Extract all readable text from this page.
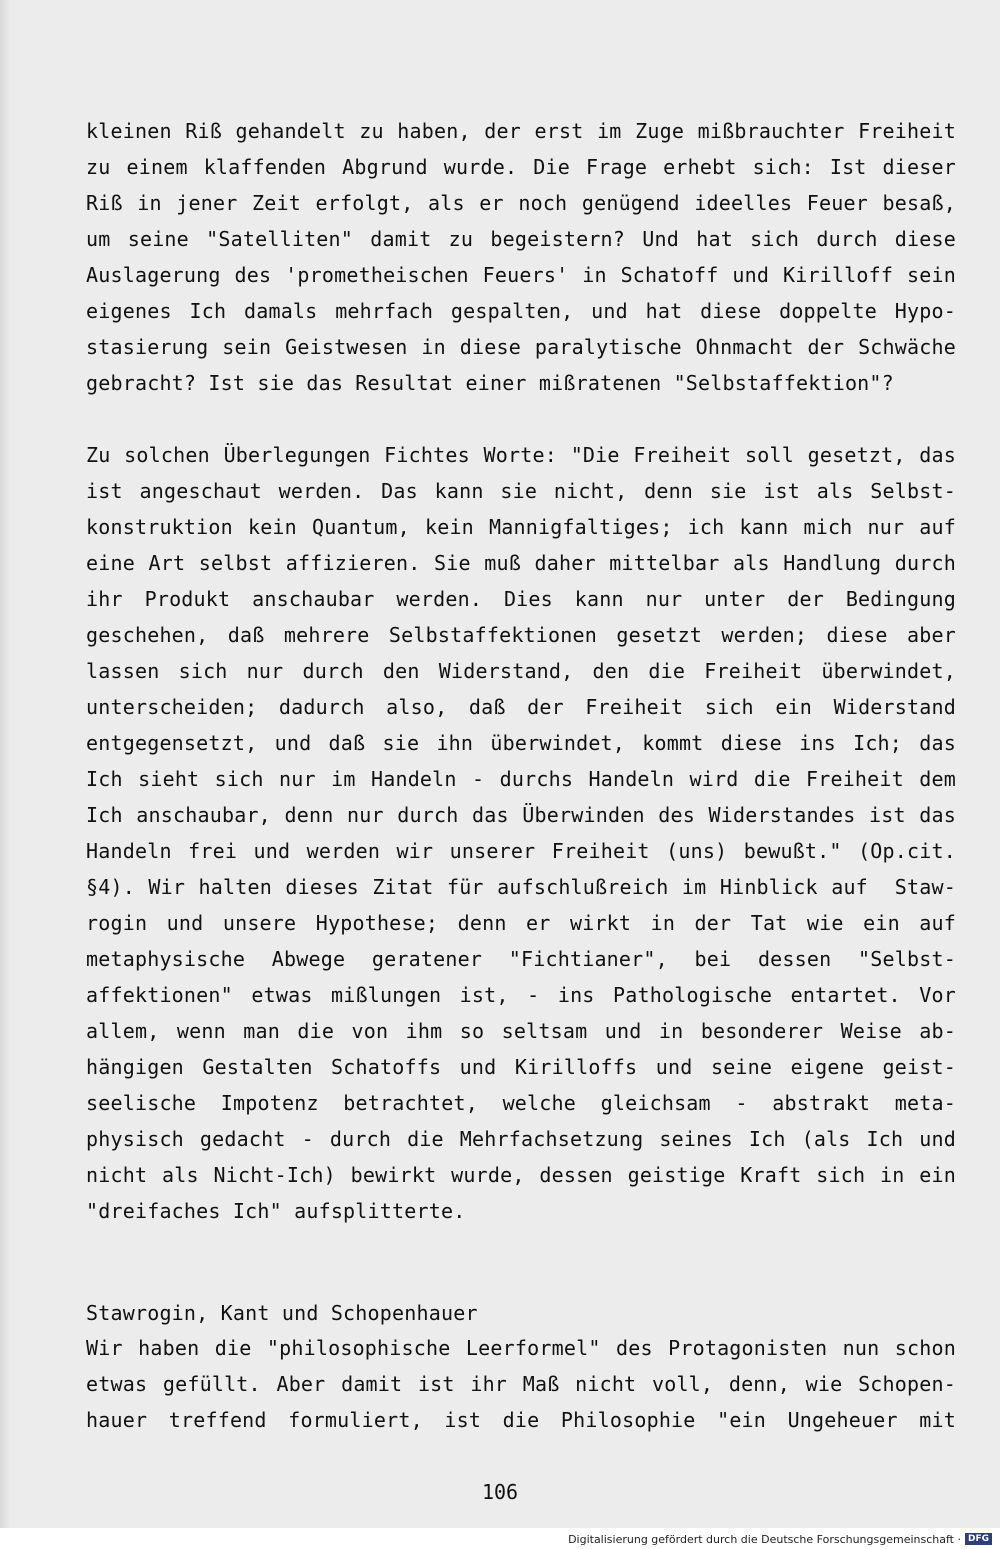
kleinen Riß gehandelt zu haben, der erst im Zuge mißbrauchter Freiheit
zu einem klaffenden Abgrund wurde. Die Frage erhebt sich: Ist dieser
Riß in jener Zeit erfolgt, als er noch genügend ideelles Feuer besaß,
um seine "Satelliten" damit zu begeistern? Und hat sich durch diese
Auslagerung des 'prometheischen Feuers' in Schatoff und Kirilloff sein
eigenes Ich damals mehrfach gespalten, und hat diese doppelte Hypo-
stasierung sein Geistwesen in diese paralytische Ohnmacht der Schwäche
gebracht? Ist sie das Resultat einer mißratenen "Selbstaffektion"?
Zu solchen Überlegungen Fichtes Worte: "Die Freiheit soll gesetzt, das
ist angeschaut werden. Das kann sie nicht, denn sie ist als Selbst-
konstruktion kein Quantum, kein Mannigfaltiges; ich kann mich nur auf
eine Art selbst affizieren. Sie muß daher mittelbar als Handlung durch
ihr Produkt anschaubar werden. Dies kann nur unter der Bedingung
geschehen, daß mehrere Selbstaffektionen gesetzt werden; diese aber
lassen sich nur durch den Widerstand, den die Freiheit überwindet,
unterscheiden; dadurch also, daß der Freiheit sich ein Widerstand
entgegensetzt, und daß sie ihn überwindet, kommt diese ins Ich; das
Ich sieht sich nur im Handeln - durchs Handeln wird die Freiheit dem
Ich anschaubar, denn nur durch das Überwinden des Widerstandes ist das
Handeln frei und werden wir unserer Freiheit (uns) bewußt." (Op.cit.
§4). Wir halten dieses Zitat für aufschlußreich im Hinblick auf  Staw-
rogin und unsere Hypothese; denn er wirkt in der Tat wie ein auf
metaphysische Abwege geratener "Fichtianer", bei dessen "Selbst-
affektionen" etwas mißlungen ist, - ins Pathologische entartet. Vor
allem, wenn man die von ihm so seltsam und in besonderer Weise ab-
hängigen Gestalten Schatoffs und Kirilloffs und seine eigene geist-
seelische Impotenz betrachtet, welche gleichsam - abstrakt meta-
physisch gedacht - durch die Mehrfachsetzung seines Ich (als Ich und
nicht als Nicht-Ich) bewirkt wurde, dessen geistige Kraft sich in ein
"dreifaches Ich" aufsplitterte.
Stawrogin, Kant und Schopenhauer
Wir haben die "philosophische Leerformel" des Protagonisten nun schon
etwas gefüllt. Aber damit ist ihr Maß nicht voll, denn, wie Schopen-
hauer treffend formuliert, ist die Philosophie "ein Ungeheuer mit
106
Digitalisierung gefördert durch die Deutsche Forschungsgemeinschaft · DFG
